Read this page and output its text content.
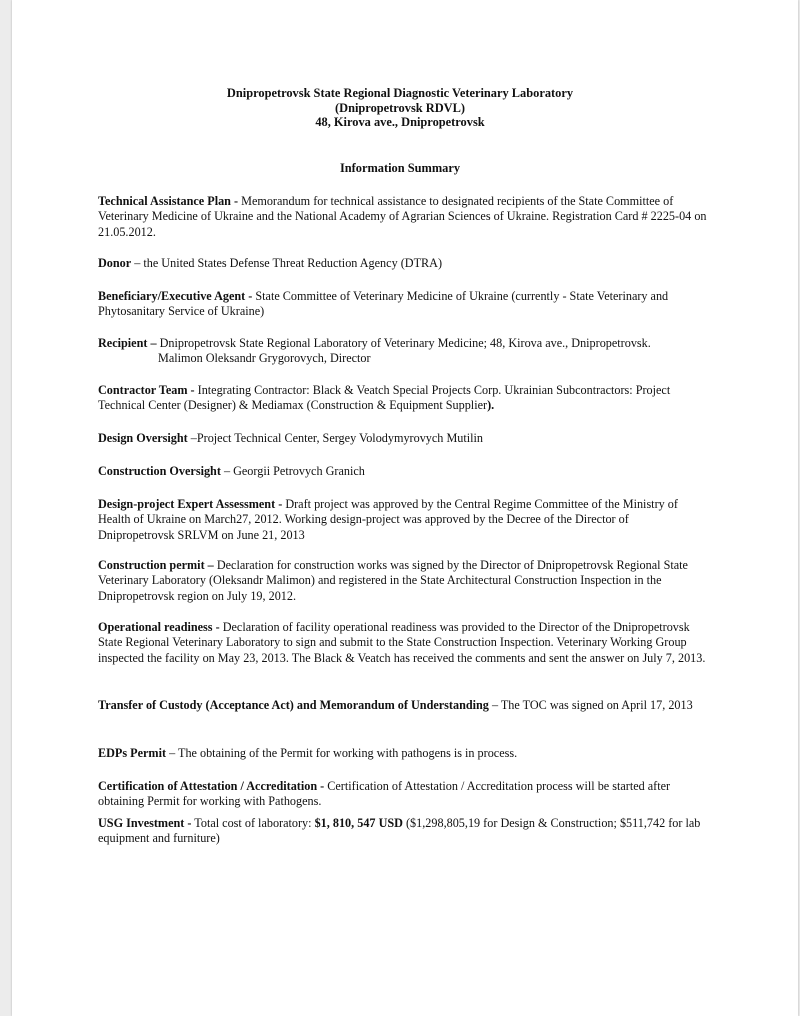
Dnipropetrovsk State Regional Diagnostic Veterinary Laboratory
(Dnipropetrovsk RDVL)
48, Kirova ave., Dnipropetrovsk
Information Summary
Technical Assistance Plan - Memorandum for technical assistance to designated recipients of the State Committee of Veterinary Medicine of Ukraine and the National Academy of Agrarian Sciences of Ukraine. Registration Card # 2225-04 on 21.05.2012.
Donor – the United States Defense Threat Reduction Agency (DTRA)
Beneficiary/Executive Agent - State Committee of Veterinary Medicine of Ukraine (currently - State Veterinary and Phytosanitary Service of Ukraine)
Recipient – Dnipropetrovsk State Regional Laboratory of Veterinary Medicine; 48, Kirova ave., Dnipropetrovsk.
Malimon Oleksandr Grygorovych, Director
Contractor Team - Integrating Contractor: Black & Veatch Special Projects Corp. Ukrainian Subcontractors: Project Technical Center (Designer) & Mediamax (Construction & Equipment Supplier).
Design Oversight –Project Technical Center, Sergey Volodymyrovych Mutilin
Construction Oversight – Georgii Petrovych Granich
Design-project Expert Assessment - Draft project was approved by the Central Regime Committee of the Ministry of Health of Ukraine on March27, 2012. Working design-project was approved by the Decree of the Director of Dnipropetrovsk SRLVM on June 21, 2013
Construction permit – Declaration for construction works was signed by the Director of Dnipropetrovsk Regional State Veterinary Laboratory (Oleksandr Malimon) and registered in the State Architectural Construction Inspection in the Dnipropetrovsk region on July 19, 2012.
Operational readiness - Declaration of facility operational readiness was provided to the Director of the Dnipropetrovsk State Regional Veterinary Laboratory to sign and submit to the State Construction Inspection. Veterinary Working Group inspected the facility on May 23, 2013. The Black & Veatch has received the comments and sent the answer on July 7, 2013.
Transfer of Custody (Acceptance Act) and Memorandum of Understanding – The TOC was signed on April 17, 2013
EDPs Permit – The obtaining of the Permit for working with pathogens is in process.
Certification of Attestation / Accreditation - Certification of Attestation / Accreditation process will be started after obtaining Permit for working with Pathogens.
USG Investment - Total cost of laboratory: $1, 810, 547 USD ($1,298,805,19 for Design & Construction; $511,742 for lab equipment and furniture)
